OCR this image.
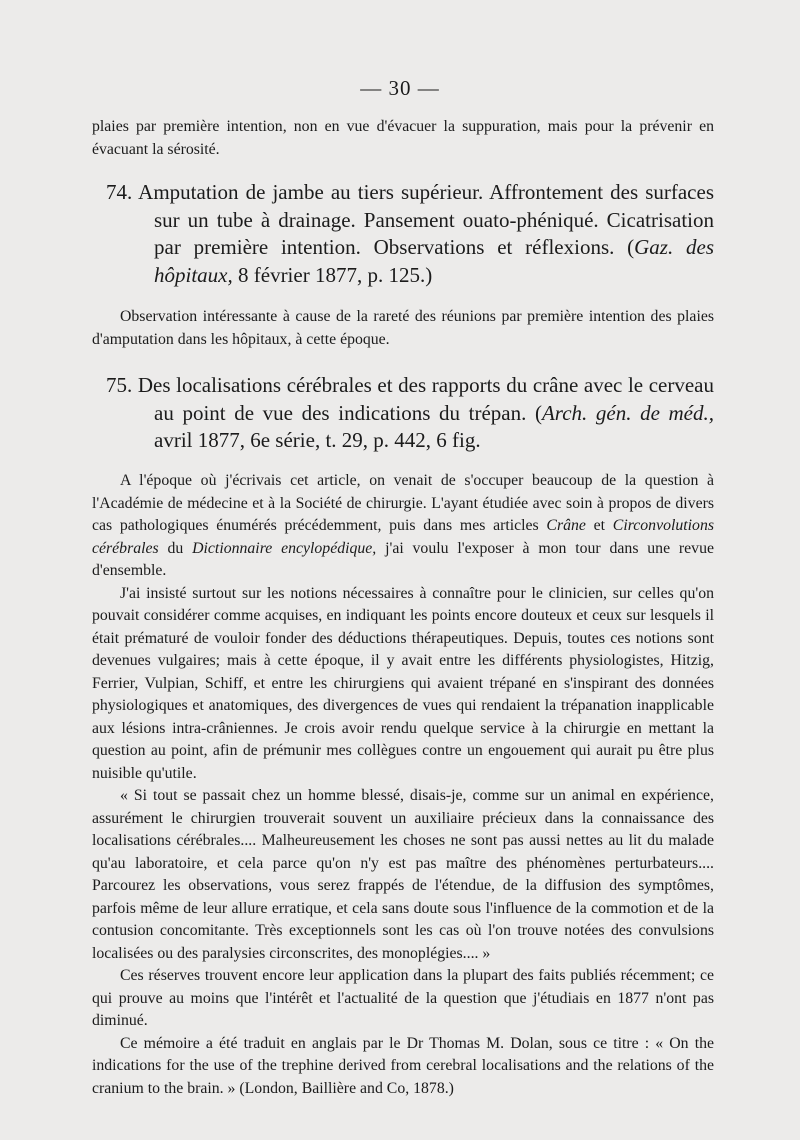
— 30 —

plaies par première intention, non en vue d'évacuer la suppuration, mais pour la prévenir en évacuant la sérosité.

74. Amputation de jambe au tiers supérieur. Affrontement des surfaces sur un tube à drainage. Pansement ouato-phéniqué. Cicatrisation par première intention. Observations et réflexions. (Gaz. des hôpitaux, 8 février 1877, p. 125.)

Observation intéressante à cause de la rareté des réunions par première intention des plaies d'amputation dans les hôpitaux, à cette époque.

75. Des localisations cérébrales et des rapports du crâne avec le cerveau au point de vue des indications du trépan. (Arch. gén. de méd., avril 1877, 6e série, t. 29, p. 442, 6 fig.

A l'époque où j'écrivais cet article, on venait de s'occuper beaucoup de la question à l'Académie de médecine et à la Société de chirurgie. L'ayant étudiée avec soin à propos de divers cas pathologiques énumérés précédemment, puis dans mes articles Crâne et Circonvolutions cérébrales du Dictionnaire encylopédique, j'ai voulu l'exposer à mon tour dans une revue d'ensemble.

J'ai insisté surtout sur les notions nécessaires à connaître pour le clinicien, sur celles qu'on pouvait considérer comme acquises, en indiquant les points encore douteux et ceux sur lesquels il était prématuré de vouloir fonder des déductions thérapeutiques. Depuis, toutes ces notions sont devenues vulgaires; mais à cette époque, il y avait entre les différents physiologistes, Hitzig, Ferrier, Vulpian, Schiff, et entre les chirurgiens qui avaient trépané en s'inspirant des données physiologiques et anatomiques, des divergences de vues qui rendaient la trépanation inapplicable aux lésions intra-crâniennes. Je crois avoir rendu quelque service à la chirurgie en mettant la question au point, afin de prémunir mes collègues contre un engouement qui aurait pu être plus nuisible qu'utile.

« Si tout se passait chez un homme blessé, disais-je, comme sur un animal en expérience, assurément le chirurgien trouverait souvent un auxiliaire précieux dans la connaissance des localisations cérébrales.... Malheureusement les choses ne sont pas aussi nettes au lit du malade qu'au laboratoire, et cela parce qu'on n'y est pas maître des phénomènes perturbateurs.... Parcourez les observations, vous serez frappés de l'étendue, de la diffusion des symptômes, parfois même de leur allure erratique, et cela sans doute sous l'influence de la commotion et de la contusion concomitante. Très exceptionnels sont les cas où l'on trouve notées des convulsions localisées ou des paralysies circonscrites, des monoplégies.... »

Ces réserves trouvent encore leur application dans la plupart des faits publiés récemment; ce qui prouve au moins que l'intérêt et l'actualité de la question que j'étudiais en 1877 n'ont pas diminué.

Ce mémoire a été traduit en anglais par le Dr Thomas M. Dolan, sous ce titre : « On the indications for the use of the trephine derived from cerebral localisations and the relations of the cranium to the brain. » (London, Baillière and Co, 1878.)
